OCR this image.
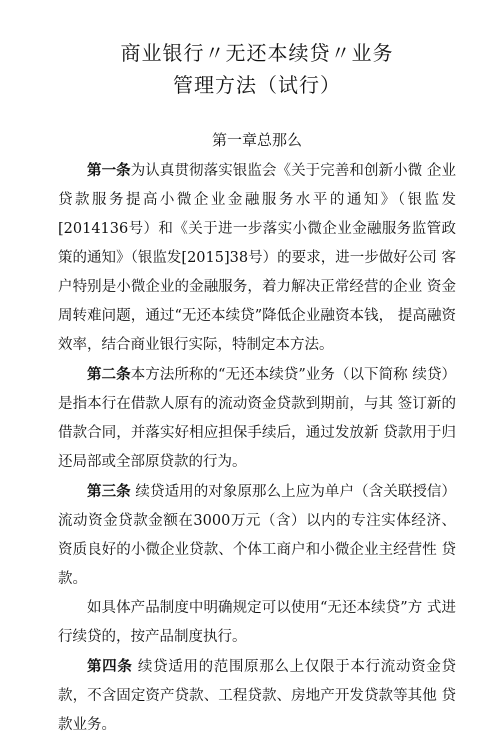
商业银行〃无还本续贷〃业务
管理方法（试行）
第一章总那么

第一条为认真贯彻落实银监会《关于完善和创新小微 企业贷款服务提高小微企业金融服务水平的通知》（银监发[2014136号）和《关于进一步落实小微企业金融服务监管政 策的通知》（银监发[2015]38号）的要求，进一步做好公司 客户特别是小微企业的金融服务，着力解决正常经营的企业 资金周转难问题，通过“无还本续贷”降低企业融资本钱， 提高融资效率，结合商业银行实际，特制定本方法。

第二条本方法所称的“无还本续贷”业务（以下简称 续贷）是指本行在借款人原有的流动资金贷款到期前，与其 签订新的借款合同，并落实好相应担保手续后，通过发放新 贷款用于归还局部或全部原贷款的行为。

第三条 续贷适用的对象原那么上应为单户（含关联授信）流动资金贷款金额在3000万元（含）以内的专注实体经济、 资质良好的小微企业贷款、个体工商户和小微企业主经营性 贷款。

如具体产品制度中明确规定可以使用“无还本续贷”方 式进行续贷的，按产品制度执行。

第四条 续贷适用的范围原那么上仅限于本行流动资金贷款，不含固定资产贷款、工程贷款、房地产开发贷款等其他 贷款业务。
